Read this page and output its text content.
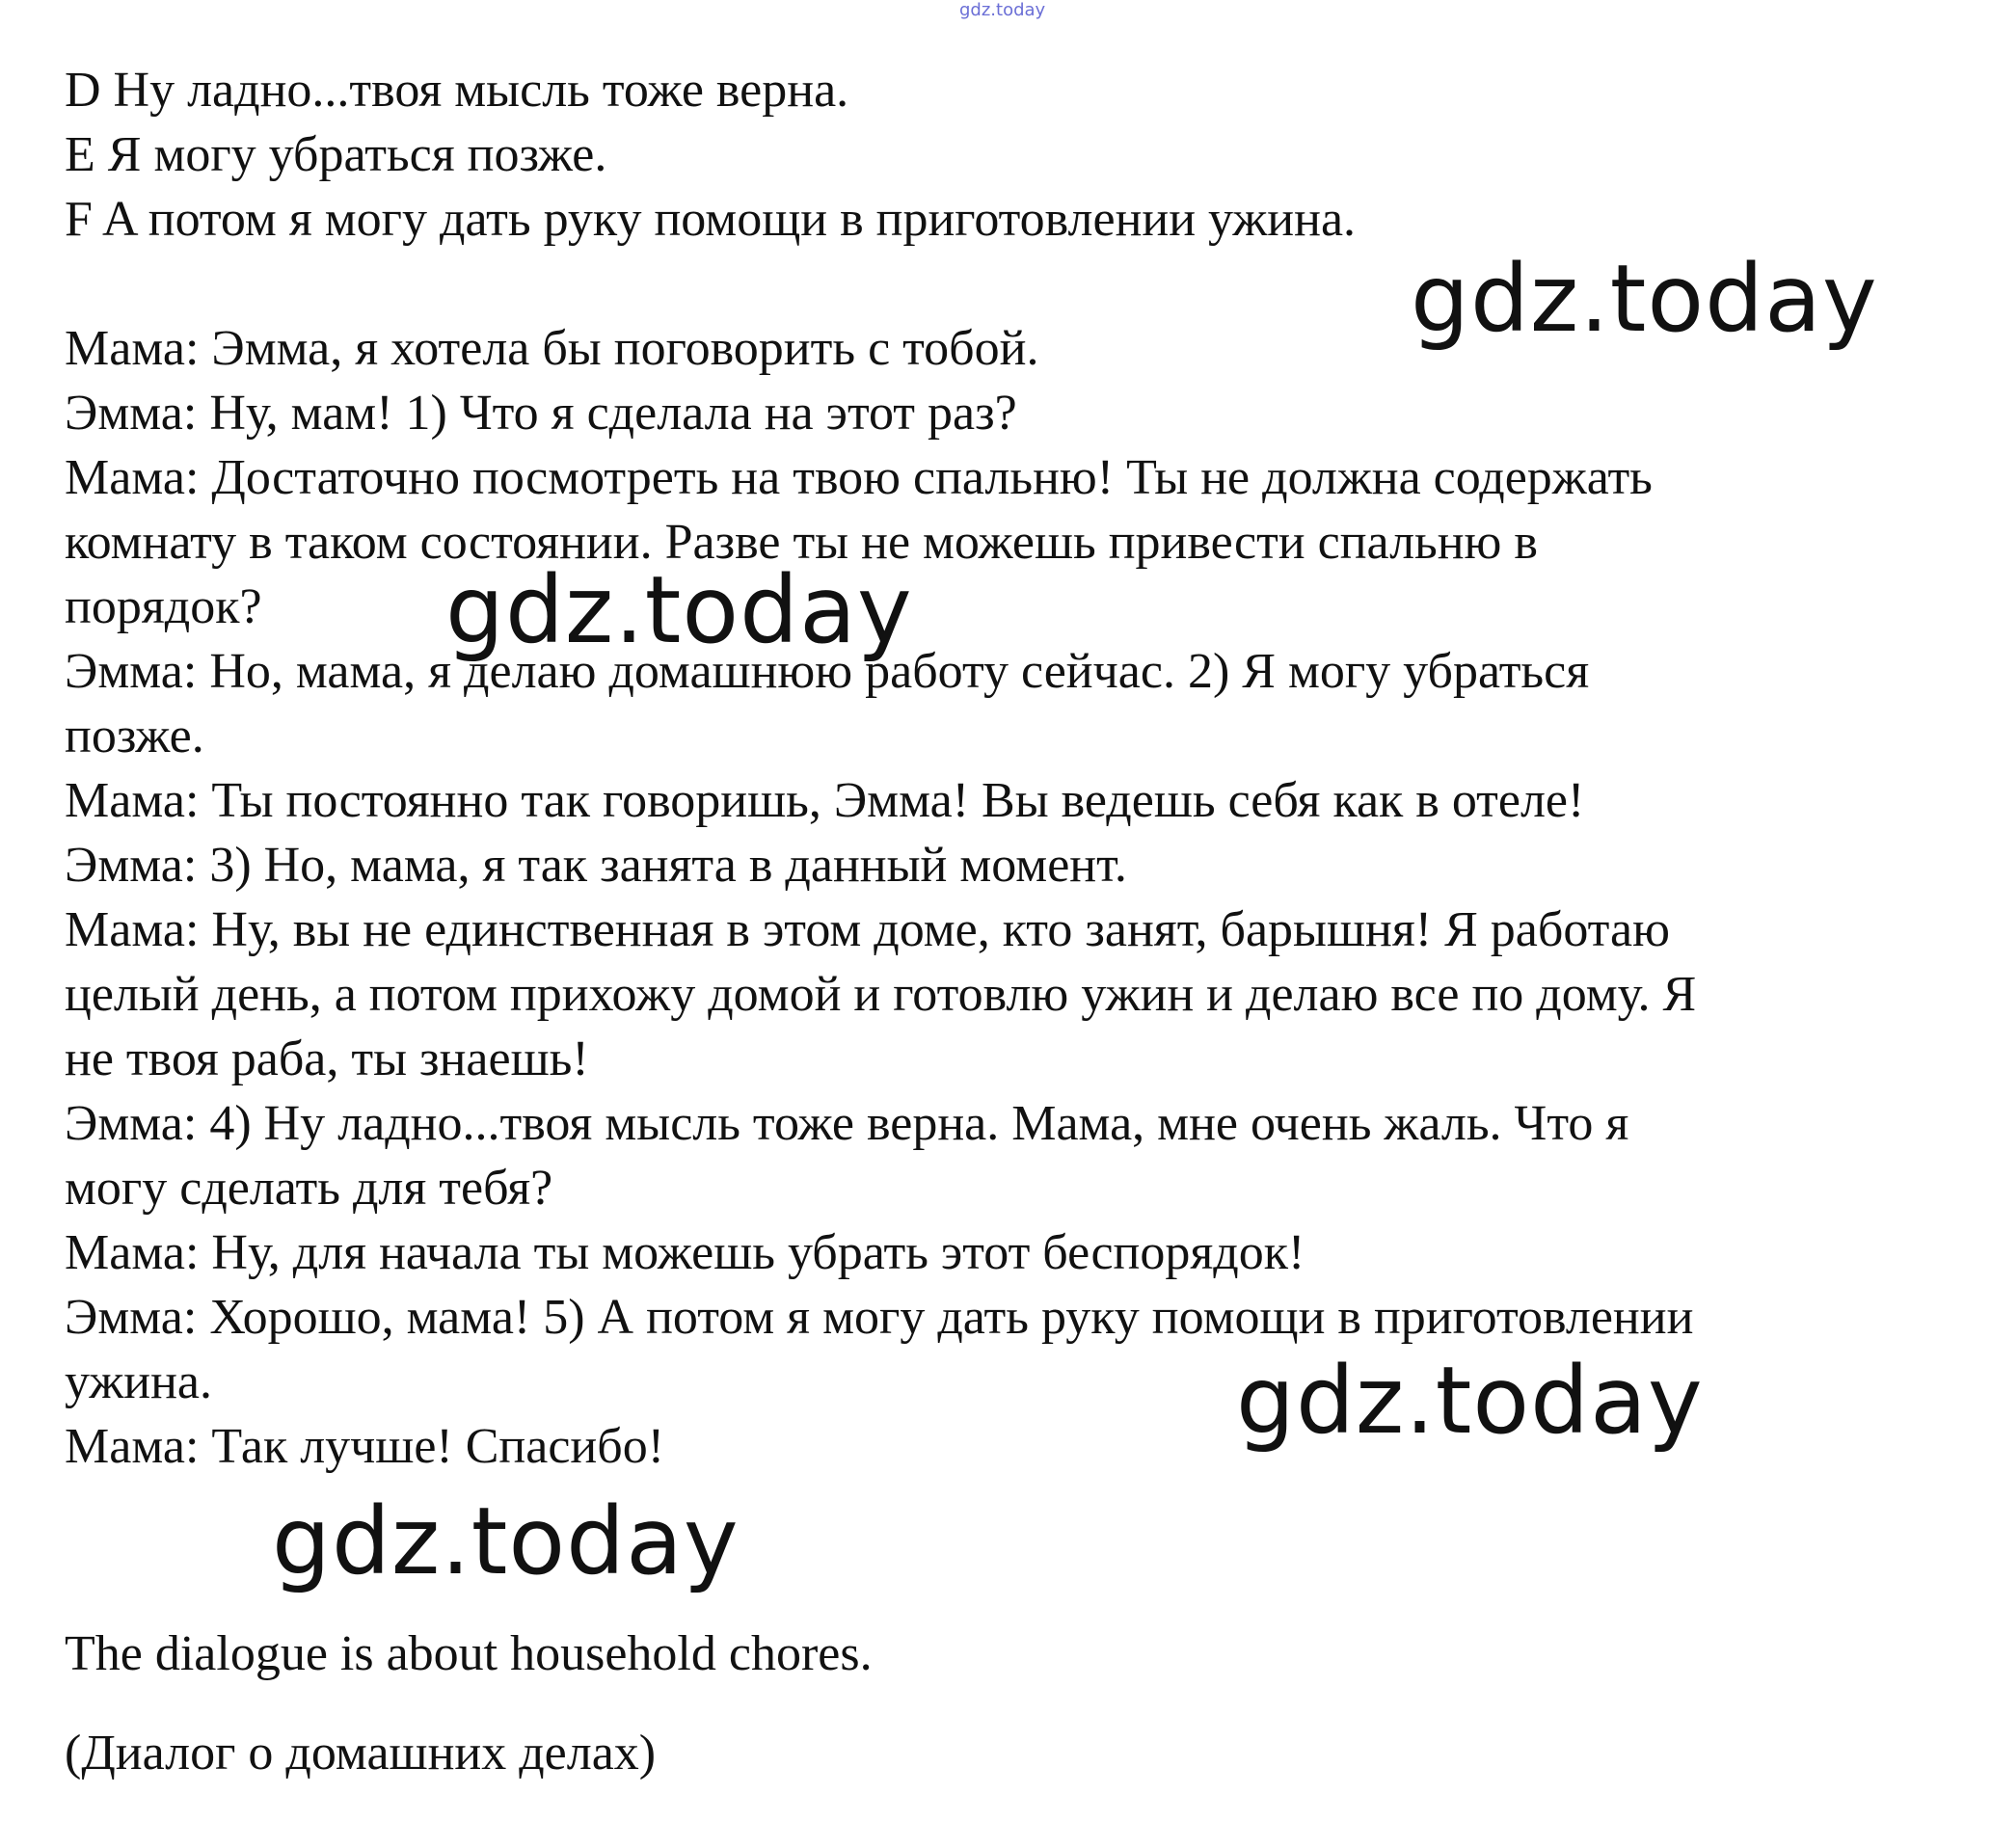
gdz.today
D Ну ладно...твоя мысль тоже верна.
E Я могу убраться позже.
F A потом я могу дать руку помощи в приготовлении ужина.
Мама: Эмма, я хотела бы поговорить с тобой.
Эмма: Ну, мам! 1) Что я сделала на этот раз?
Мама: Достаточно посмотреть на твою спальню! Ты не должна содержать
комнату в таком состоянии. Разве ты не можешь привести спальню в
порядок?
Эмма: Но, мама, я делаю домашнюю работу сейчас. 2) Я могу убраться
позже.
Мама: Ты постоянно так говоришь, Эмма! Вы ведешь себя как в отеле!
Эмма: 3) Но, мама, я так занята в данный момент.
Мама: Ну, вы не единственная в этом доме, кто занят, барышня! Я работаю
целый день, а потом прихожу домой и готовлю ужин и делаю все по дому. Я
не твоя раба, ты знаешь!
Эмма: 4) Ну ладно...твоя мысль тоже верна. Мама, мне очень жаль. Что я
могу сделать для тебя?
Мама: Ну, для начала ты можешь убрать этот беспорядок!
Эмма: Хорошо, мама! 5) А потом я могу дать руку помощи в приготовлении
ужина.
Мама: Так лучше! Спасибо!
The dialogue is about household chores.
(Диалог о домашних делах)
gdz.today
gdz.today
gdz.today
gdz.today
